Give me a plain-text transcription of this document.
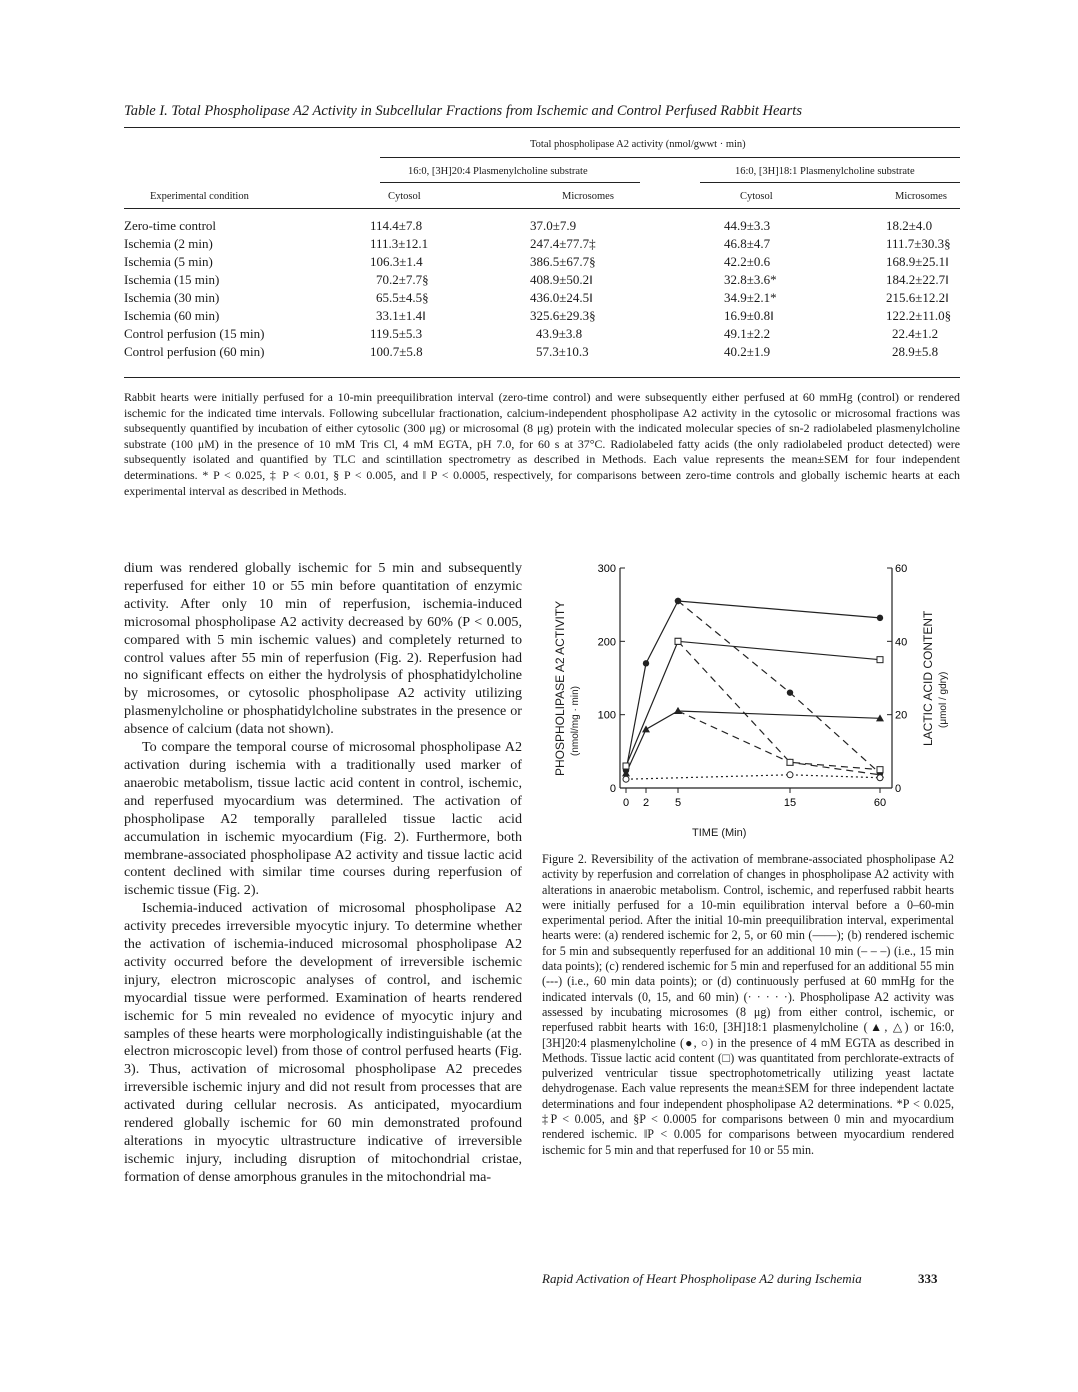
Table I. Total Phospholipase A2 Activity in Subcellular Fractions from Ischemic and Control Perfused Rabbit Hearts
Total phospholipase A2 activity (nmol/gwwt · min)
16:0, [3H]20:4 Plasmenylcholine substrate	16:0, [3H]18:1 Plasmenylcholine substrate
Experimental condition	Cytosol	Microsomes	Cytosol	Microsomes
Zero-time control	114.4±7.8	37.0±7.9	44.9±3.3	18.2±4.0
Ischemia (2 min)	111.3±12.1	247.4±77.7‡	46.8±4.7	111.7±30.3§
Ischemia (5 min)	106.3±1.4	386.5±67.7§	42.2±0.6	168.9±25.1‖
Ischemia (15 min)	70.2±7.7§	408.9±50.2‖	32.8±3.6*	184.2±22.7‖
Ischemia (30 min)	65.5±4.5§	436.0±24.5‖	34.9±2.1*	215.6±12.2‖
Ischemia (60 min)	33.1±1.4‖	325.6±29.3§	16.9±0.8‖	122.2±11.0§
Control perfusion (15 min)	119.5±5.3	43.9±3.8	49.1±2.2	22.4±1.2
Control perfusion (60 min)	100.7±5.8	57.3±10.3	40.2±1.9	28.9±5.8
Rabbit hearts were initially perfused for a 10-min preequilibration interval (zero-time control) and were subsequently either perfused at 60 mmHg (control) or rendered ischemic for the indicated time intervals. Following subcellular fractionation, calcium-independent phospholipase A2 activity in the cytosolic or microsomal fractions was subsequently quantified by incubation of either cytosolic (300 μg) or microsomal (8 μg) protein with the indicated molecular species of sn-2 radiolabeled plasmenylcholine substrate (100 μM) in the presence of 10 mM Tris Cl, 4 mM EGTA, pH 7.0, for 60 s at 37°C. Radiolabeled fatty acids (the only radiolabeled product detected) were subsequently isolated and quantified by TLC and scintillation spectrometry as described in Methods. Each value represents the mean±SEM for four independent determinations. * P < 0.025, ‡ P < 0.01, § P < 0.005, and ‖ P < 0.0005, respectively, for comparisons between zero-time controls and globally ischemic hearts at each experimental interval as described in Methods.

dium was rendered globally ischemic for 5 min and subsequently reperfused for either 10 or 55 min before quantitation of enzymic activity. After only 10 min of reperfusion, ischemia-induced microsomal phospholipase A2 activity decreased by 60% (P < 0.005, compared with 5 min ischemic values) and completely returned to control values after 55 min of reperfusion (Fig. 2). Reperfusion had no significant effects on either the hydrolysis of phosphatidylcholine by microsomes, or cytosolic phospholipase A2 activity utilizing plasmenylcholine or phosphatidylcholine substrates in the presence or absence of calcium (data not shown).

To compare the temporal course of microsomal phospholipase A2 activation during ischemia with a traditionally used marker of anaerobic metabolism, tissue lactic acid content in control, ischemic, and reperfused myocardium was determined. The activation of phospholipase A2 temporally paralleled tissue lactic acid accumulation in ischemic myocardium (Fig. 2). Furthermore, both membrane-associated phospholipase A2 activity and tissue lactic acid content declined with similar time courses during reperfusion of ischemic tissue (Fig. 2).

Ischemia-induced activation of microsomal phospholipase A2 activity precedes irreversible myocytic injury. To determine whether the activation of ischemia-induced microsomal phospholipase A2 activity occurred before the development of irreversible ischemic injury, electron microscopic analyses of control, and ischemic myocardial tissue were performed. Examination of hearts rendered ischemic for 5 min revealed no evidence of myocytic injury and samples of these hearts were morphologically indistinguishable (at the electron microscopic level) from those of control perfused hearts (Fig. 3). Thus, activation of microsomal phospholipase A2 precedes irreversible ischemic injury and did not result from processes that are activated during cellular necrosis. As anticipated, myocardium rendered globally ischemic for 60 min demonstrated profound alterations in myocytic ultrastructure indicative of irreversible ischemic injury, including disruption of mitochondrial cristae, formation of dense amorphous granules in the mitochondrial ma-

PHOSPHOLIPASE A2 ACTIVITY (nmol/mg · min)	LACTIC ACID CONTENT (μmol / gdry)
TIME (Min)
0
100
200
300
0
20
40
60
0 2 5	15	60
Figure 2. Reversibility of the activation of membrane-associated phospholipase A2 activity by reperfusion and correlation of changes in phospholipase A2 activity with alterations in anaerobic metabolism. Control, ischemic, and reperfused rabbit hearts were initially perfused for a 10-min equilibration interval before a 0–60-min experimental period. After the initial 10-min preequilibration interval, experimental hearts were: (a) rendered ischemic for 2, 5, or 60 min (——); (b) rendered ischemic for 5 min and subsequently reperfused for an additional 10 min (– – –) (i.e., 15 min data points); (c) rendered ischemic for 5 min and reperfused for an additional 55 min (---) (i.e., 60 min data points); or (d) continuously perfused at 60 mmHg for the indicated intervals (0, 15, and 60 min) (· · · · ·). Phospholipase A2 activity was assessed by incubating microsomes (8 μg) from either control, ischemic, or reperfused rabbit hearts with 16:0, [3H]18:1 plasmenylcholine (▲, △) or 16:0, [3H]20:4 plasmenylcholine (●, ○) in the presence of 4 mM EGTA as described in Methods. Tissue lactic acid content (□) was quantitated from perchlorate-extracts of pulverized ventricular tissue spectrophotometrically utilizing yeast lactate dehydrogenase. Each value represents the mean±SEM for three independent lactate determinations and four independent phospholipase A2 determinations. *P < 0.025, ‡P < 0.005, and §P < 0.0005 for comparisons between 0 min and myocardium rendered ischemic. ‖P < 0.005 for comparisons between myocardium rendered ischemic for 5 min and that reperfused for 10 or 55 min.
Rapid Activation of Heart Phospholipase A2 during Ischemia	333
